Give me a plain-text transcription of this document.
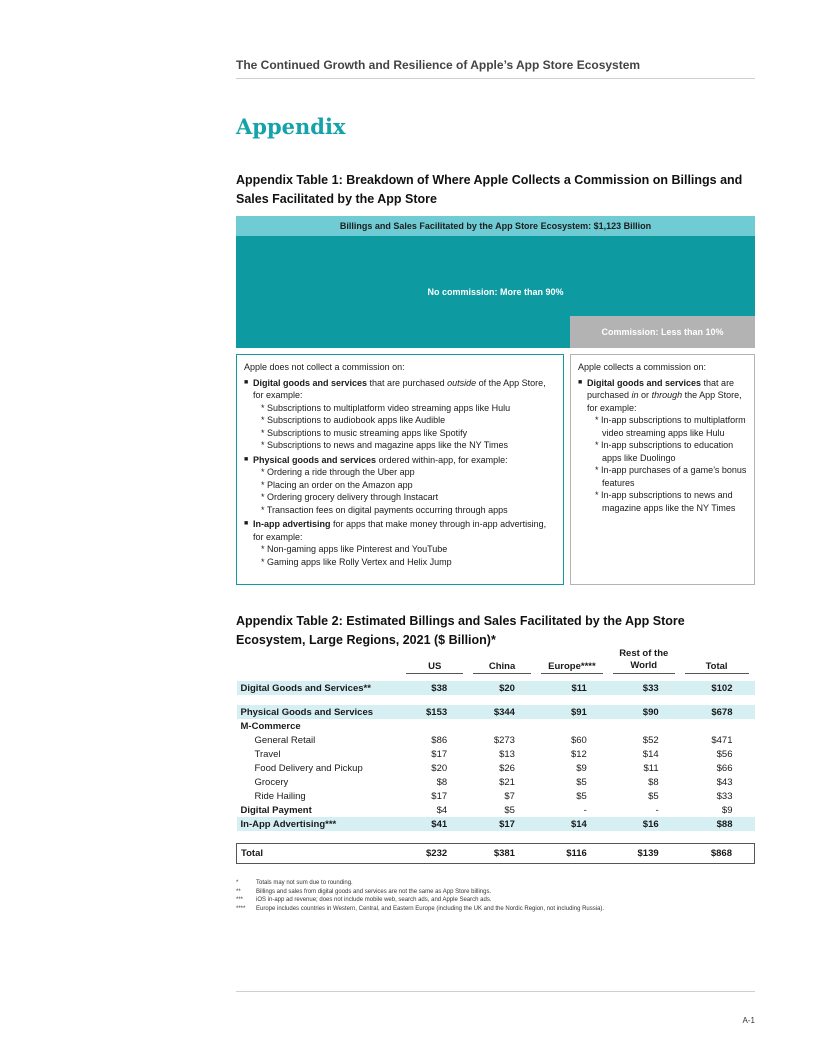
The Continued Growth and Resilience of Apple’s App Store Ecosystem
Appendix
Appendix Table 1: Breakdown of Where Apple Collects a Commission on Billings and Sales Facilitated by the App Store
Billings and Sales Facilitated by the App Store Ecosystem: $1,123 Billion
No commission: More than 90%
Commission: Less than 10%

Apple does not collect a commission on:

■ Digital goods and services that are purchased outside of the App Store, for example:
* Subscriptions to multiplatform video streaming apps like Hulu
* Subscriptions to audiobook apps like Audible
* Subscriptions to music streaming apps like Spotify
* Subscriptions to news and magazine apps like the NY Times
■ Physical goods and services ordered within-app, for example:
* Ordering a ride through the Uber app
* Placing an order on the Amazon app
* Ordering grocery delivery through Instacart
* Transaction fees on digital payments occurring through apps
■ In-app advertising for apps that make money through in-app advertising, for example:
* Non-gaming apps like Pinterest and YouTube
* Gaming apps like Rolly Vertex and Helix Jump

Apple collects a commission on:

■ Digital goods and services that are purchased in or through the App Store, for example:
* In-app subscriptions to multiplatform video streaming apps like Hulu
* In-app subscriptions to education apps like Duolingo
* In-app purchases of a game’s bonus features
* In-app subscriptions to news and magazine apps like the NY Times
Appendix Table 2: Estimated Billings and Sales Facilitated by the App Store Ecosystem, Large Regions, 2021 ($ Billion)*
	US	China	Europe****	Rest of the World	Total

Digital Goods and Services**	$38	$20	$11	$33	$102

Physical Goods and Services	$153	$344	$91	$90	$678
M-Commerce					
General Retail	$86	$273	$60	$52	$471
Travel	$17	$13	$12	$14	$56
Food Delivery and Pickup	$20	$26	$9	$11	$66
Grocery	$8	$21	$5	$8	$43
Ride Hailing	$17	$7	$5	$5	$33
Digital Payment	$4	$5	-	-	$9
In-App Advertising***	$41	$17	$14	$16	$88

Total	$232	$381	$116	$139	$868
*	Totals may not sum due to rounding.
**	Billings and sales from digital goods and services are not the same as App Store billings.
***	iOS in-app ad revenue; does not include mobile web, search ads, and Apple Search ads.
****	Europe includes countries in Western, Central, and Eastern Europe (including the UK and the Nordic Region, not including Russia).
A-1
